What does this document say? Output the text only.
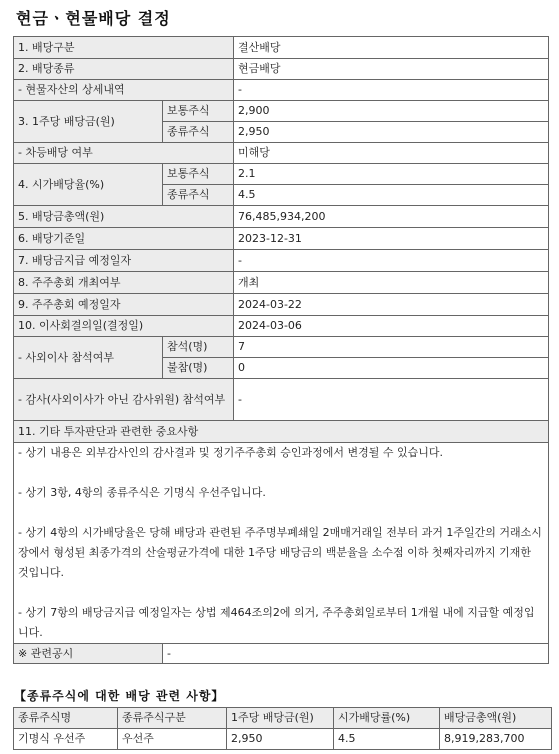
현금ㆍ현물배당 결정
1. 배당구분		결산배당
2. 배당종류		현금배당
- 현물자산의 상세내역		-
3. 1주당 배당금(원)	보통주식	2,900
	종류주식	2,950
- 차등배당 여부		미해당
4. 시가배당율(%)	보통주식	2.1
	종류주식	4.5
5. 배당금총액(원)		76,485,934,200
6. 배당기준일		2023-12-31
7. 배당금지급 예정일자		-
8. 주주총회 개최여부		개최
9. 주주총회 예정일자		2024-03-22
10. 이사회결의일(결정일)		2024-03-06
- 사외이사 참석여부	참석(명)	7
	불참(명)	0
- 감사(사외이사가 아닌 감사위원) 참석여부		-
11. 기타 투자판단과 관련한 중요사항		

- 상기 내용은 외부감사인의 감사결과 및 정기주주총회 승인과정에서 변경될 수 있습니다.
- 상기 3항, 4항의 종류주식은 기명식 우선주입니다.
- 상기 4항의 시가배당율은 당해 배당과 관련된 주주명부폐쇄일 2매매거래일 전부터 과거 1주일간의 거래소시장에서 형성된 최종가격의 산술평균가격에 대한 1주당 배당금의 백분율을 소수점 이하 첫째자리까지 기재한 것입니다.
- 상기 7항의 배당금지급 예정일자는 상법 제464조의2에 의거, 주주총회일로부터 1개월 내에 지급할 예정입니다.		

※ 관련공시	-	
【종류주식에 대한 배당 관련 사항】
종류주식명	종류주식구분	1주당 배당금(원)	시가배당률(%)	배당금총액(원)
기명식 우선주	우선주	2,950	4.5	8,919,283,700
